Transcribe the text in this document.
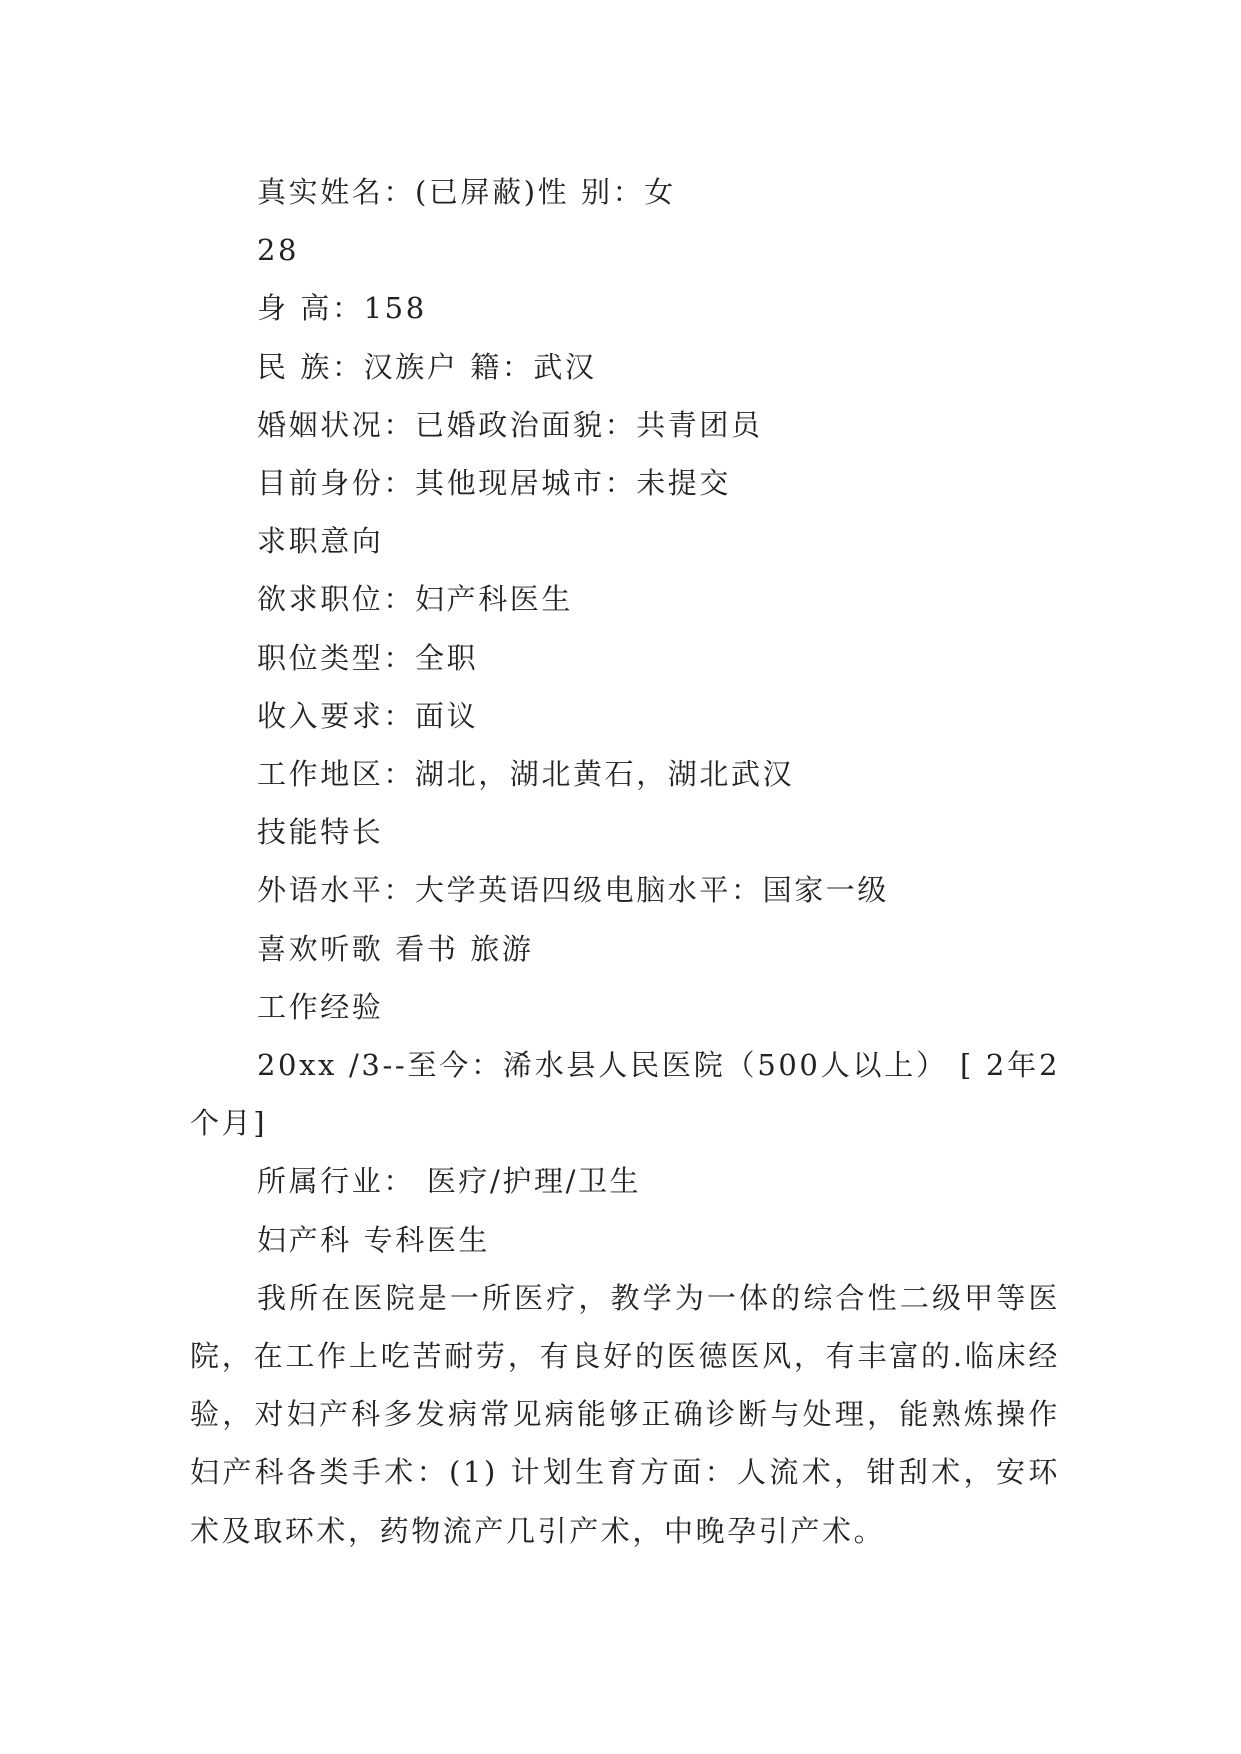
真实姓名：(已屏蔽)性 别：女

28

身 高：158

民 族：汉族户 籍：武汉

婚姻状况：已婚政治面貌：共青团员

目前身份：其他现居城市：未提交

求职意向

欲求职位：妇产科医生

职位类型：全职

收入要求：面议

工作地区：湖北，湖北黄石，湖北武汉

技能特长

外语水平：大学英语四级电脑水平：国家一级

喜欢听歌 看书 旅游

工作经验

20xx /3--至今：浠水县人民医院（500人以上） [ 2年2个月]

所属行业： 医疗/护理/卫生

妇产科 专科医生

我所在医院是一所医疗，教学为一体的综合性二级甲等医院，在工作上吃苦耐劳，有良好的医德医风，有丰富的.临床经验，对妇产科多发病常见病能够正确诊断与处理，能熟炼操作妇产科各类手术：(1) 计划生育方面：人流术，钳刮术，安环术及取环术，药物流产几引产术，中晚孕引产术。
